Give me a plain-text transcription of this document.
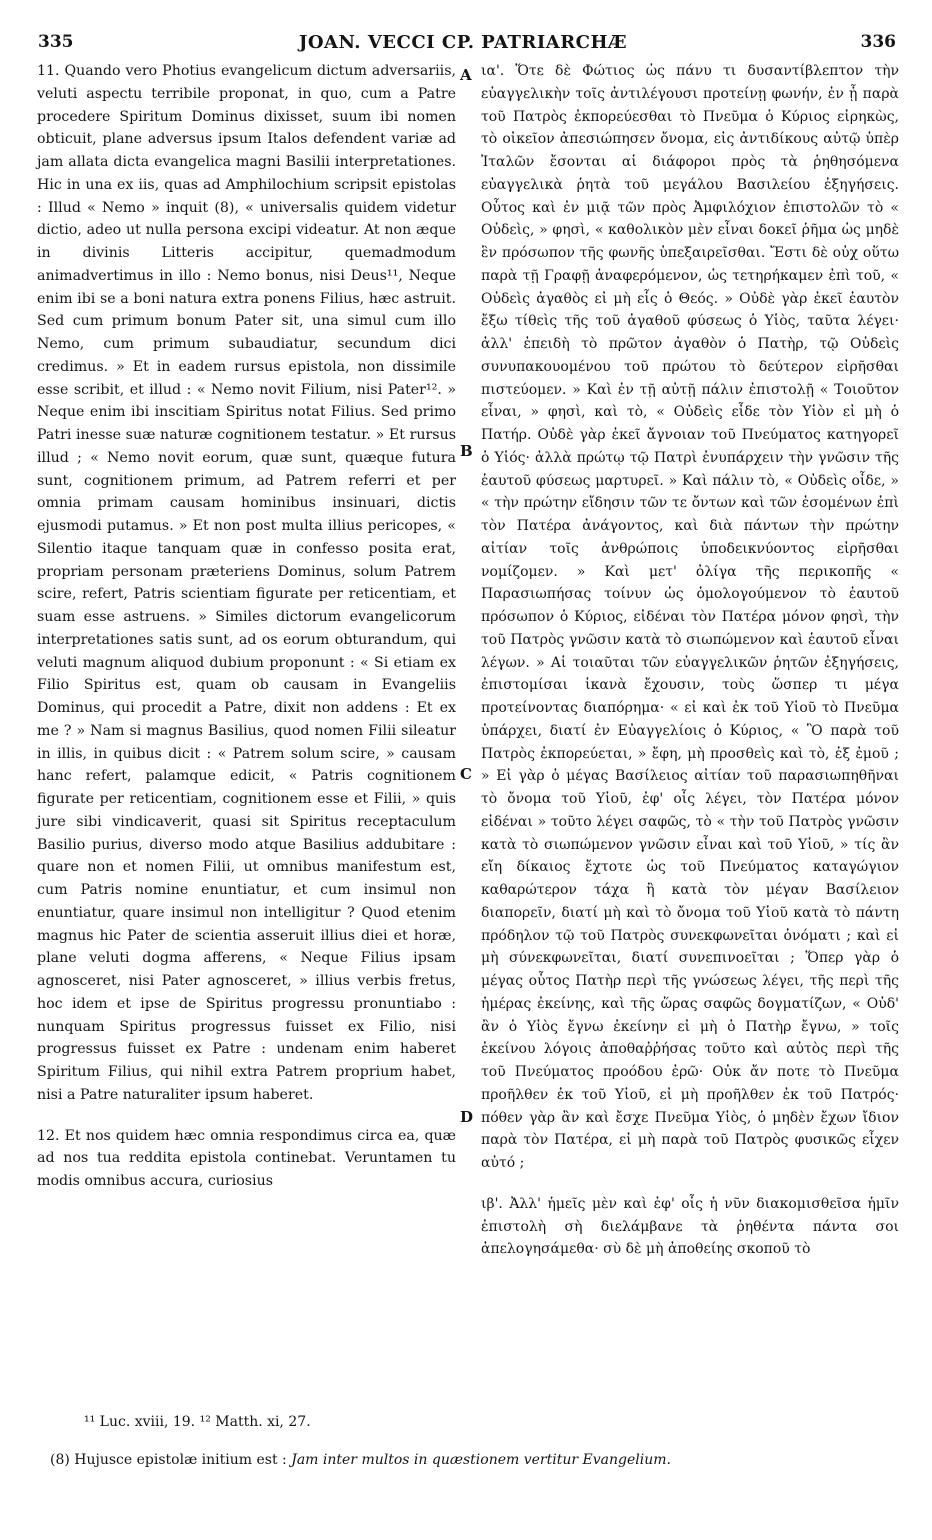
335	JOAN. VECCI CP. PATRIARCHÆ	336

11. Quando vero Photius evangelicum dictum adversariis, veluti aspectu terribile proponat, in quo, cum a Patre procedere Spiritum Dominus dixisset, suum ibi nomen obticuit, plane adversus ipsum Italos defendent variæ ad jam allata dicta evangelica magni Basilii interpretationes. Hic in una ex iis, quas ad Amphilochium scripsit epistolas : Illud « Nemo » inquit (8), « universalis quidem videtur dictio, adeo ut nulla persona excipi videatur. At non æque in divinis Litteris accipitur, quemadmodum animadvertimus in illo : Nemo bonus, nisi Deus¹¹, Neque enim ibi se a boni natura extra ponens Filius, hæc astruit. Sed cum primum bonum Pater sit, una simul cum illo Nemo, cum primum subaudiatur, secundum dici credimus. » Et in eadem rursus epistola, non dissimile esse scribit, et illud : « Nemo novit Filium, nisi Pater¹². » Neque enim ibi inscitiam Spiritus notat Filius. Sed primo Patri inesse suæ naturæ cognitionem testatur. » Et rursus illud ; « Nemo novit eorum, quæ sunt, quæque futura sunt, cognitionem primum, ad Patrem referri et per omnia primam causam hominibus insinuari, dictis ejusmodi putamus. » Et non post multa illius pericopes, « Silentio itaque tanquam quæ in confesso posita erat, propriam personam præteriens Dominus, solum Patrem scire, refert, Patris scientiam figurate per reticentiam, et suam esse astruens. » Similes dictorum evangelicorum interpretationes satis sunt, ad os eorum obturandum, qui veluti magnum aliquod dubium proponunt : « Si etiam ex Filio Spiritus est, quam ob causam in Evangeliis Dominus, qui procedit a Patre, dixit non addens : Et ex me ? » Nam si magnus Basilius, quod nomen Filii sileatur in illis, in quibus dicit : « Patrem solum scire, » causam hanc refert, palamque edicit, « Patris cognitionem figurate per reticentiam, cognitionem esse et Filii, » quis jure sibi vindicaverit, quasi sit Spiritus receptaculum Basilio purius, diverso modo atque Basilius addubitare : quare non et nomen Filii, ut omnibus manifestum est, cum Patris nomine enuntiatur, et cum insimul non enuntiatur, quare insimul non intelligitur ? Quod etenim magnus hic Pater de scientia asseruit illius diei et horæ, plane veluti dogma afferens, « Neque Filius ipsam agnosceret, nisi Pater agnosceret, » illius verbis fretus, hoc idem et ipse de Spiritus progressu pronuntiabo : nunquam Spiritus progressus fuisset ex Filio, nisi progressus fuisset ex Patre : undenam enim haberet Spiritum Filius, qui nihil extra Patrem proprium habet, nisi a Patre naturaliter ipsum haberet.

12. Et nos quidem hæc omnia respondimus circa ea, quæ ad nos tua reddita epistola continebat. Veruntamen tu modis omnibus accura, curiosius

ια'. Ὅτε δὲ Φώτιος ὡς πάνυ τι δυσαντίβλεπτον τὴν εὐαγγελικὴν τοῖς ἀντιλέγουσι προτείνῃ φωνήν, ἐν ᾗ παρὰ τοῦ Πατρὸς ἐκπορεύεσθαι τὸ Πνεῦμα ὁ Κύριος εἰρηκὼς, τὸ οἰκεῖον ἀπεσιώπησεν ὄνομα, εἰς ἀντιδίκους αὐτῷ ὑπὲρ Ἰταλῶν ἔσονται αἱ διάφοροι πρὸς τὰ ῥηθησόμενα εὐαγγελικὰ ῥητὰ τοῦ μεγάλου Βασιλείου ἐξηγήσεις. Οὗτος καὶ ἐν μιᾷ τῶν πρὸς Ἀμφιλόχιον ἐπιστολῶν τὸ « Οὐδεὶς, » φησὶ, « καθολικὸν μὲν εἶναι δοκεῖ ῥῆμα ὡς μηδὲ ἓν πρόσωπον τῆς φωνῆς ὑπεξαιρεῖσθαι. Ἔστι δὲ οὐχ οὕτω παρὰ τῇ Γραφῇ ἀναφερόμενον, ὡς τετηρήκαμεν ἐπὶ τοῦ, « Οὐδεὶς ἀγαθὸς εἰ μὴ εἷς ὁ Θεός. » Οὐδὲ γὰρ ἐκεῖ ἑαυτὸν ἔξω τίθεὶς τῆς τοῦ ἀγαθοῦ φύσεως ὁ Υἱὸς, ταῦτα λέγει· ἀλλ' ἐπειδὴ τὸ πρῶτον ἀγαθὸν ὁ Πατὴρ, τῷ Οὐδεὶς συνυπακουομένου τοῦ πρώτου τὸ δεύτερον εἰρῆσθαι πιστεύομεν. » Καὶ ἐν τῇ αὐτῇ πάλιν ἐπιστολῇ « Τοιοῦτον εἶναι, » φησὶ, καὶ τὸ, « Οὐδεὶς εἶδε τὸν Υἱὸν εἰ μὴ ὁ Πατήρ. Οὐδὲ γὰρ ἐκεῖ ἄγνοιαν τοῦ Πνεύματος κατηγορεῖ ὁ Υἱός· ἀλλὰ πρώτῳ τῷ Πατρὶ ἐνυπάρχειν τὴν γνῶσιν τῆς ἑαυτοῦ φύσεως μαρτυρεῖ. » Καὶ πάλιν τὸ, « Οὐδεὶς οἶδε, » « τὴν πρώτην εἴδησιν τῶν τε ὄντων καὶ τῶν ἐσομένων ἐπὶ τὸν Πατέρα ἀνάγοντος, καὶ διὰ πάντων τὴν πρώτην αἰτίαν τοῖς ἀνθρώποις ὑποδεικνύοντος εἰρῆσθαι νομίζομεν. » Καὶ μετ' ὀλίγα τῆς περικοπῆς « Παρασιωπήσας τοίνυν ὡς ὁμολογούμενον τὸ ἑαυτοῦ πρόσωπον ὁ Κύριος, εἰδέναι τὸν Πατέρα μόνον φησὶ, τὴν τοῦ Πατρὸς γνῶσιν κατὰ τὸ σιωπώμενον καὶ ἑαυτοῦ εἶναι λέγων. » Αἱ τοιαῦται τῶν εὐαγγελικῶν ῥητῶν ἐξηγήσεις, ἐπιστομίσαι ἱκανὰ ἔχουσιν, τοὺς ὥσπερ τι μέγα προτείνοντας διαπόρημα· « εἰ καὶ ἐκ τοῦ Υἱοῦ τὸ Πνεῦμα ὑπάρχει, διατί ἐν Εὐαγγελίοις ὁ Κύριος, « Ὃ παρὰ τοῦ Πατρὸς ἐκπορεύεται, » ἔφη, μὴ προσθεὶς καὶ τὸ, ἐξ ἐμοῦ ; » Εἰ γὰρ ὁ μέγας Βασίλειος αἰτίαν τοῦ παρασιωπηθῆναι τὸ ὄνομα τοῦ Υἱοῦ, ἐφ' οἷς λέγει, τὸν Πατέρα μόνον εἰδέναι » τοῦτο λέγει σαφῶς, τὸ « τὴν τοῦ Πατρὸς γνῶσιν κατὰ τὸ σιωπώμενον γνῶσιν εἶναι καὶ τοῦ Υἱοῦ, » τίς ἂν εἴη δίκαιος ἔχτοτε ὡς τοῦ Πνεύματος καταγώγιον καθαρώτερον τάχα ἢ κατὰ τὸν μέγαν Βασίλειον διαπορεῖν, διατί μὴ καὶ τὸ ὄνομα τοῦ Υἱοῦ κατὰ τὸ πάντη πρόδηλον τῷ τοῦ Πατρὸς συνεκφωνεῖται ὀνόματι ; καὶ εἰ μὴ σύνεκφωνεῖται, διατί συνεπινοεῖται ; Ὅπερ γὰρ ὁ μέγας οὗτος Πατὴρ περὶ τῆς γνώσεως λέγει, τῆς περὶ τῆς ἡμέρας ἐκείνης, καὶ τῆς ὥρας σαφῶς δογματίζων, « Οὐδ' ἂν ὁ Υἱὸς ἔγνω ἐκείνην εἰ μὴ ὁ Πατὴρ ἔγνω, » τοῖς ἐκείνου λόγοις ἀποθαῤῥήσας τοῦτο καὶ αὐτὸς περὶ τῆς τοῦ Πνεύματος προόδου ἐρῶ· Οὐκ ἄν ποτε τὸ Πνεῦμα προῆλθεν ἐκ τοῦ Υἱοῦ, εἰ μὴ προῆλθεν ἐκ τοῦ Πατρός· πόθεν γὰρ ἂν καὶ ἔσχε Πνεῦμα Υἱὸς, ὁ μηδὲν ἔχων ἴδιον παρὰ τὸν Πατέρα, εἰ μὴ παρὰ τοῦ Πατρὸς φυσικῶς εἶχεν αὐτό ;

ιβ'. Ἀλλ' ἡμεῖς μὲν καὶ ἐφ' οἷς ἡ νῦν διακομισθεῖσα ἡμῖν ἐπιστολὴ σὴ διελάμβανε τὰ ῥηθέντα πάντα σοι ἀπελογησάμεθα· σὺ δὲ μὴ ἀποθείης σκοποῦ τὸ

A
B
C
D
¹¹ Luc. xviii, 19. ¹² Matth. xi, 27.
(8) Hujusce epistolæ initium est : Jam inter multos in quæstionem vertitur Evangelium.
